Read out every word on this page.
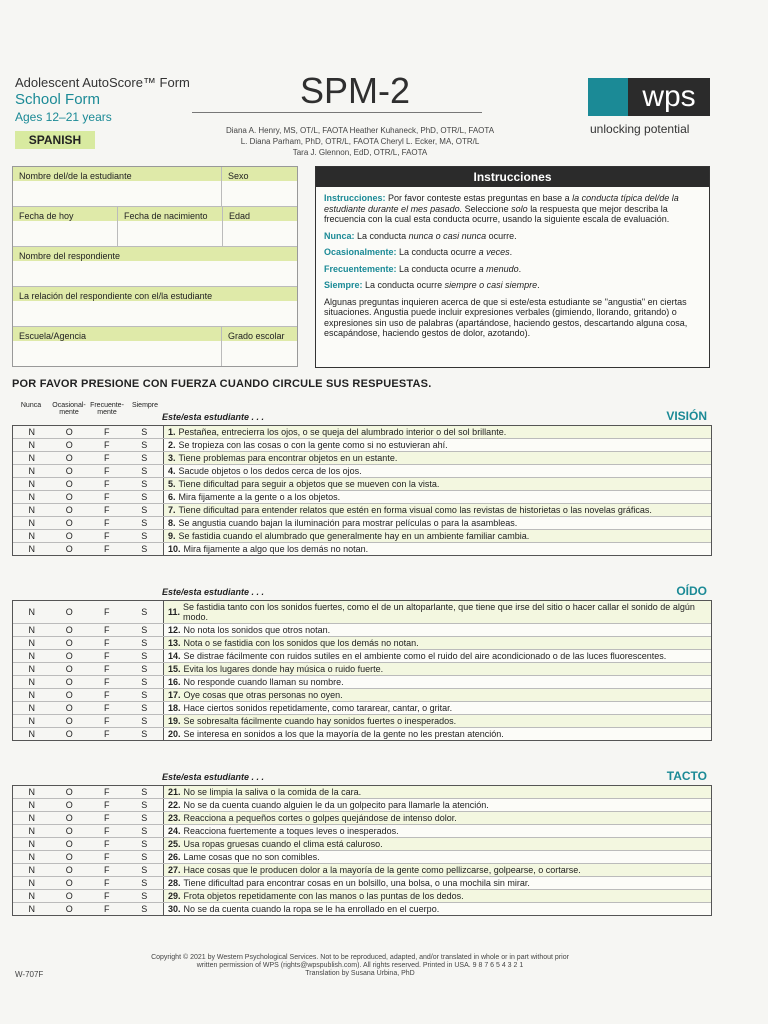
Adolescent AutoScore™ Form
School Form
Ages 12–21 years
SPANISH
SPM-2
Diana A. Henry, MS, OT/L, FAOTA Heather Kuhaneck, PhD, OTR/L, FAOTA
L. Diana Parham, PhD, OTR/L, FAOTA Cheryl L. Ecker, MA, OTR/L
Tara J. Glennon, EdD, OTR/L, FAOTA
wps
unlocking potential
Nombre del/de la estudiante	Sexo
Fecha de hoy	Fecha de nacimiento	Edad
Nombre del respondiente
La relación del respondiente con el/la estudiante
Escuela/Agencia	Grado escolar
Instrucciones

Instrucciones: Por favor conteste estas preguntas en base a la conducta típica del/de la estudiante durante el mes pasado. Seleccione solo la respuesta que mejor describa la frecuencia con la cual esta conducta ocurre, usando la siguiente escala de evaluación.

Nunca: La conducta nunca o casi nunca ocurre.

Ocasionalmente: La conducta ocurre a veces.

Frecuentemente: La conducta ocurre a menudo.

Siempre: La conducta ocurre siempre o casi siempre.

Algunas preguntas inquieren acerca de que si este/esta estudiante se "angustia" en ciertas situaciones. Angustia puede incluir expresiones verbales (gimiendo, llorando, gritando) o expresiones sin uso de palabras (apartándose, haciendo gestos, descartando alguna cosa, escapándose, haciendo gestos de dolor, azotando).

POR FAVOR PRESIONE CON FUERZA CUANDO CIRCULE SUS RESPUESTAS.
Nunca	Ocasional-mente
Frecuente-mente
Siempre
Este/esta estudiante . . .	VISIÓN
N	O	F	S	1. Pestañea, entrecierra los ojos, o se queja del alumbrado interior o del sol brillante.
N	O	F	S	2. Se tropieza con las cosas o con la gente como si no estuvieran ahí.
N	O	F	S	3. Tiene problemas para encontrar objetos en un estante.
N	O	F	S	4. Sacude objetos o los dedos cerca de los ojos.
N	O	F	S	5. Tiene dificultad para seguir a objetos que se mueven con la vista.
N	O	F	S	6. Mira fijamente a la gente o a los objetos.
N	O	F	S	7. Tiene dificultad para entender relatos que estén en forma visual como las revistas de historietas o las novelas gráficas.
N	O	F	S	8. Se angustia cuando bajan la iluminación para mostrar películas o para la asambleas.
N	O	F	S	9. Se fastidia cuando el alumbrado que generalmente hay en un ambiente familiar cambia.
N	O	F	S	10. Mira fijamente a algo que los demás no notan.
Este/esta estudiante . . .	OÍDO
N	O	F	S	11. Se fastidia tanto con los sonidos fuertes, como el de un altoparlante, que tiene que irse del sitio o hacer callar el sonido de algún modo.
N	O	F	S	12. No nota los sonidos que otros notan.
N	O	F	S	13. Nota o se fastidia con los sonidos que los demás no notan.
N	O	F	S	14. Se distrae fácilmente con ruidos sutiles en el ambiente como el ruido del aire acondicionado o de las luces fluorescentes.
N	O	F	S	15. Evita los lugares donde hay música o ruido fuerte.
N	O	F	S	16. No responde cuando llaman su nombre.
N	O	F	S	17. Oye cosas que otras personas no oyen.
N	O	F	S	18. Hace ciertos sonidos repetidamente, como tararear, cantar, o gritar.
N	O	F	S	19. Se sobresalta fácilmente cuando hay sonidos fuertes o inesperados.
N	O	F	S	20. Se interesa en sonidos a los que la mayoría de la gente no les prestan atención.
Este/esta estudiante . . .	TACTO
N	O	F	S	21. No se limpia la saliva o la comida de la cara.
N	O	F	S	22. No se da cuenta cuando alguien le da un golpecito para llamarle la atención.
N	O	F	S	23. Reacciona a pequeños cortes o golpes quejándose de intenso dolor.
N	O	F	S	24. Reacciona fuertemente a toques leves o inesperados.
N	O	F	S	25. Usa ropas gruesas cuando el clima está caluroso.
N	O	F	S	26. Lame cosas que no son comibles.
N	O	F	S	27. Hace cosas que le producen dolor a la mayoría de la gente como pellizcarse, golpearse, o cortarse.
N	O	F	S	28. Tiene dificultad para encontrar cosas en un bolsillo, una bolsa, o una mochila sin mirar.
N	O	F	S	29. Frota objetos repetidamente con las manos o las puntas de los dedos.
N	O	F	S	30. No se da cuenta cuando la ropa se le ha enrollado en el cuerpo.
Copyright © 2021 by Western Psychological Services. Not to be reproduced, adapted, and/or translated in whole or in part without prior written permission of WPS (rights@wpspublish.com). All rights reserved. Printed in USA. 9 8 7 6 5 4 3 2 1
Translation by Susana Urbina, PhD
W-707F
